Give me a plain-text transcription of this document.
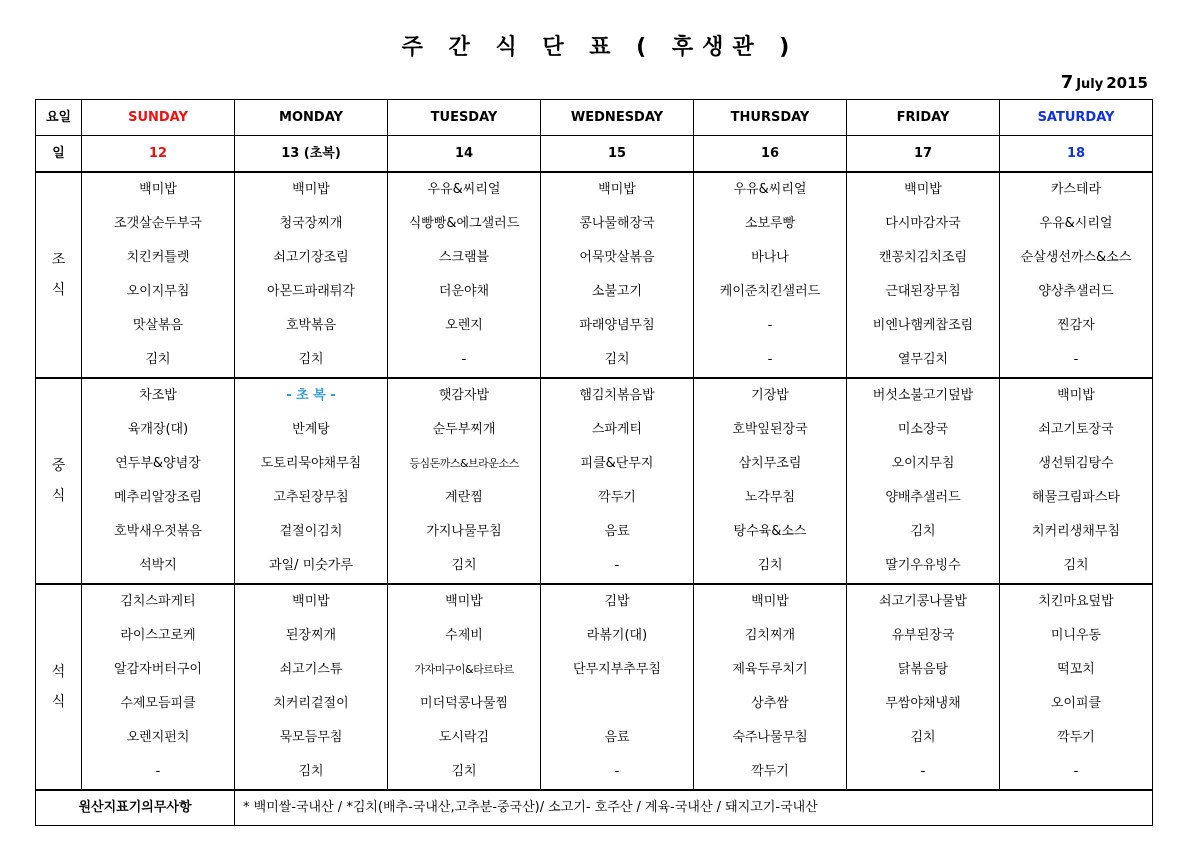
주 간 식 단 표 ( 후생관 )
7 July 2015
요일	SUNDAY	MONDAY	TUESDAY	WEDNESDAY	THURSDAY	FRIDAY	SATURDAY
일	12	13 (초복)	14	15	16	17	18
조
식	백미밥	백미밥	우유&씨리얼	백미밥	우유&씨리얼	백미밥	카스테라
	조갯살순두부국	청국장찌개	식빵빵&에그샐러드	콩나물해장국	소보루빵	다시마감자국	우유&시리얼
	치킨커틀렛	쇠고기장조림	스크램블	어묵맛살볶음	바나나	캔꽁치김치조림	순살생선까스&소스
	오이지무침	아몬드파래튀각	더운야채	소불고기	케이준치킨샐러드	근대된장무침	양상추샐러드
	맛살볶음	호박볶음	오렌지	파래양념무침	-	비엔나햄케찹조림	찐감자
	김치	김치	-	김치	-	열무김치	-
중
식	차조밥	- 초 복 -	햇감자밥	햄김치볶음밥	기장밥	버섯소불고기덮밥	백미밥
	육개장(대)	반계탕	순두부찌개	스파게티	호박잎된장국	미소장국	쇠고기토장국
	연두부&양념장	도토리묵야채무침	등심돈까스&브라운소스	피클&단무지	삼치무조림	오이지무침	생선튀김탕수
	메추리알장조림	고추된장무침	계란찜	깍두기	노각무침	양배추샐러드	해물크림파스타
	호박새우젓볶음	겉절이김치	가지나물무침	음료	탕수육&소스	김치	치커리생채무침
	석박지	과일/ 미숫가루	김치	-	김치	딸기우유빙수	김치
석
식	김치스파게티	백미밥	백미밥	김밥	백미밥	쇠고기콩나물밥	치킨마요덮밥
	라이스고로케	된장찌개	수제비	라볶기(대)	김치찌개	유부된장국	미니우동
	알감자버터구이	쇠고기스튜	가자미구이&타르타르	단무지부추무침	제육두루치기	닭볶음탕	떡꼬치
	수제모듬피클	치커리겉절이	미더덕콩나물찜		상추쌈	무쌈야채냉채	오이피클
	오렌지펀치	묵모듬무침	도시락김	음료	숙주나물무침	김치	깍두기
	-	김치	김치	-	깍두기	-	-
원산지표기의무사항		* 백미쌀-국내산 / *김치(배추-국내산,고추분-중국산)/ 소고기- 호주산 / 계육-국내산 / 돼지고기-국내산					
